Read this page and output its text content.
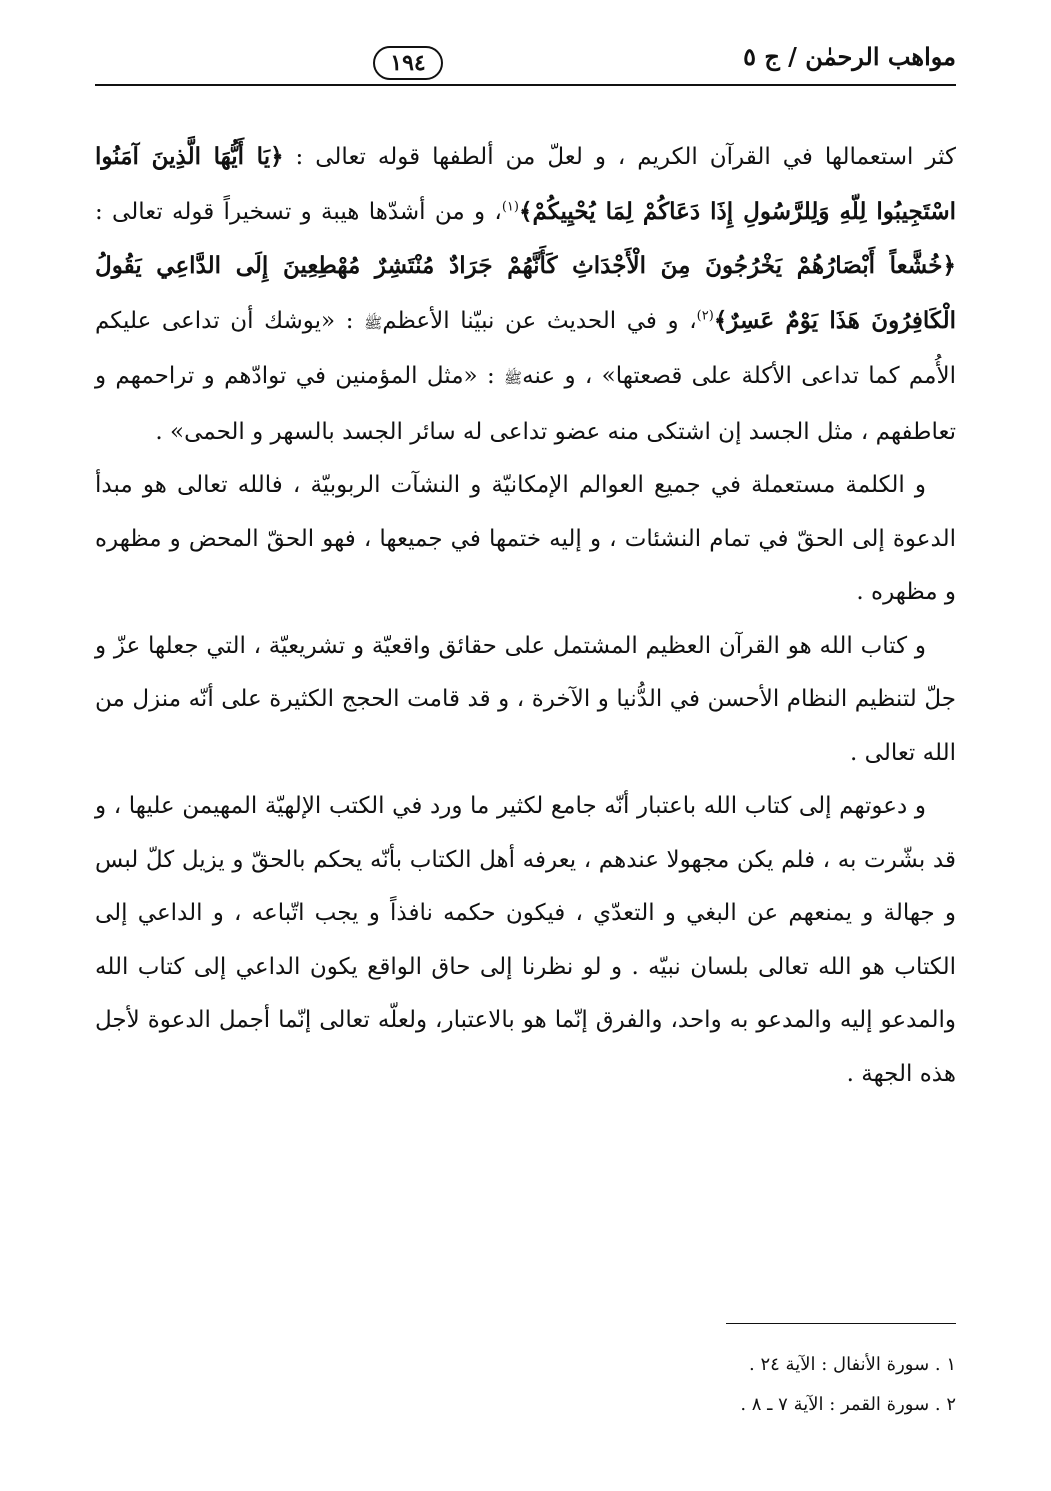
مواهب الرحمٰن / ج ٥
١٩٤

كثر استعمالها في القرآن الكريم ، و لعلّ من ألطفها قوله تعالى : ﴿يَا أَيُّهَا الَّذِينَ آمَنُوا اسْتَجِيبُوا لِلّهِ وَلِلرَّسُولِ إِذَا دَعَاكُمْ لِمَا يُحْيِيكُمْ﴾$^{(١)}$، و من أشدّها هيبة و تسخيراً قوله تعالى : ﴿خُشَّعاً أَبْصَارُهُمْ يَخْرُجُونَ مِنَ الْأَجْدَاثِ كَأَنَّهُمْ جَرَادٌ مُنْتَشِرٌ مُهْطِعِينَ إِلَى الدَّاعِي يَقُولُ الْكَافِرُونَ هَذَا يَوْمٌ عَسِرٌ﴾$^{(٢)}$، و في الحديث عن نبيّنا الأعظمﷺ : «يوشك أن تداعى عليكم الأُمم كما تداعى الأكلة على قصعتها» ، و عنهﷺ : «مثل المؤمنين في توادّهم و تراحمهم و تعاطفهم ، مثل الجسد إن اشتكى منه عضو تداعى له سائر الجسد بالسهر و الحمى» .

و الكلمة مستعملة في جميع العوالم الإمكانيّة و النشآت الربوبيّة ، فالله تعالى هو مبدأ الدعوة إلى الحقّ في تمام النشئات ، و إليه ختمها في جميعها ، فهو الحقّ المحض و مظهره و مظهره .

و كتاب الله هو القرآن العظيم المشتمل على حقائق واقعيّة و تشريعيّة ، التي جعلها عزّ و جلّ لتنظيم النظام الأحسن في الدُّنيا و الآخرة ، و قد قامت الحجج الكثيرة على أنّه منزل من الله تعالى .

و دعوتهم إلى كتاب الله باعتبار أنّه جامع لكثير ما ورد في الكتب الإلهيّة المهيمن عليها ، و قد بشّرت به ، فلم يكن مجهولا عندهم ، يعرفه أهل الكتاب بأنّه يحكم بالحقّ و يزيل كلّ لبس و جهالة و يمنعهم عن البغي و التعدّي ، فيكون حكمه نافذاً و يجب اتّباعه ، و الداعي إلى الكتاب هو الله تعالى بلسان نبيّه . و لو نظرنا إلى حاق الواقع يكون الداعي إلى كتاب الله والمدعو إليه والمدعو به واحد، والفرق إنّما هو بالاعتبار، ولعلّه تعالى إنّما أجمل الدعوة لأجل هذه الجهة .

١ . سورة الأنفال : الآية ٢٤ .
٢ . سورة القمر : الآية ٧ ـ ٨ .
